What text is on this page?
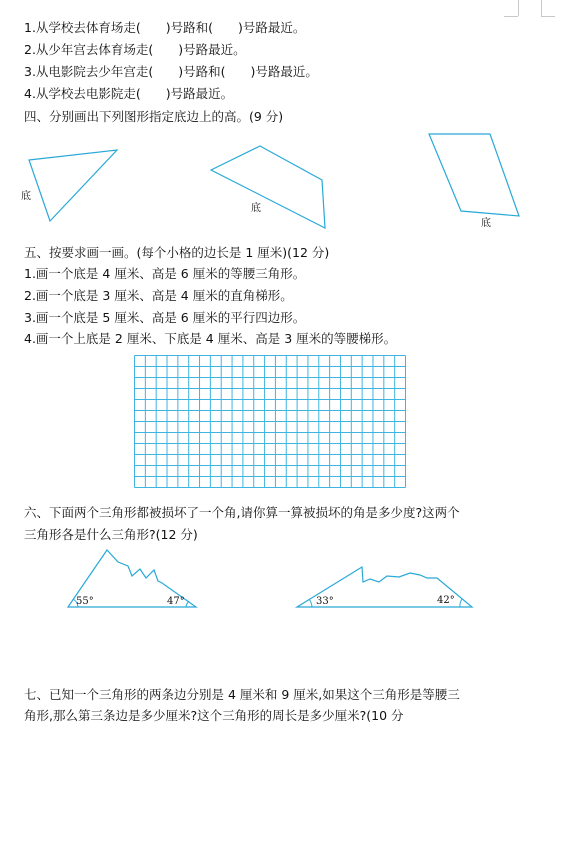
1.从学校去体育场走(　　)号路和(　　)号路最近。
2.从少年宫去体育场走(　　)号路最近。
3.从电影院去少年宫走(　　)号路和(　　)号路最近。
4.从学校去电影院走(　　)号路最近。
四、分别画出下列图形指定底边上的高。(9 分)
底
底
底
55°	47°	33°	42°
五、按要求画一画。(每个小格的边长是 1 厘米)(12 分)
1.画一个底是 4 厘米、高是 6 厘米的等腰三角形。
2.画一个底是 3 厘米、高是 4 厘米的直角梯形。
3.画一个底是 5 厘米、高是 6 厘米的平行四边形。
4.画一个上底是 2 厘米、下底是 4 厘米、高是 3 厘米的等腰梯形。
六、下面两个三角形都被损坏了一个角,请你算一算被损坏的角是多少度?这两个
三角形各是什么三角形?(12 分)
七、已知一个三角形的两条边分别是 4 厘米和 9 厘米,如果这个三角形是等腰三
角形,那么第三条边是多少厘米?这个三角形的周长是多少厘米?(10 分
